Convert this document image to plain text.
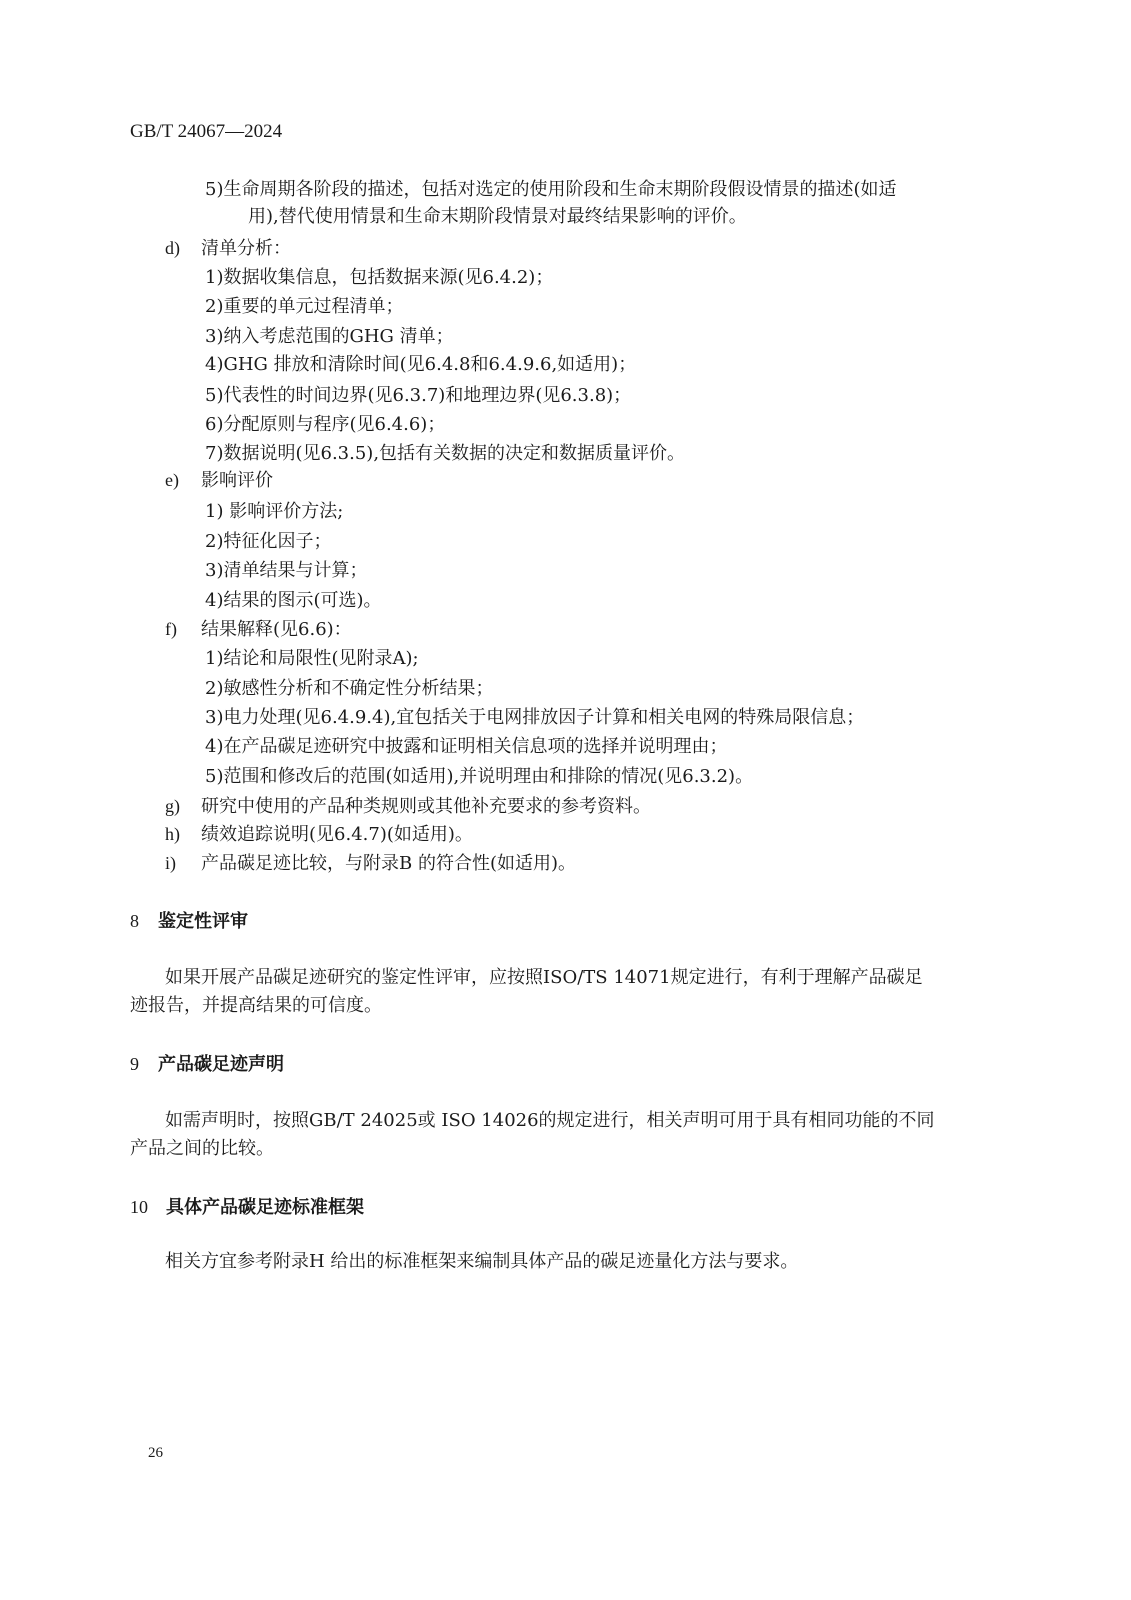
GB/T 24067—2024
5)生命周期各阶段的描述，包括对选定的使用阶段和生命末期阶段假设情景的描述(如适
用),替代使用情景和生命末期阶段情景对最终结果影响的评价。
d) 清单分析：
1)数据收集信息，包括数据来源(见6.4.2)；
2)重要的单元过程清单；
3)纳入考虑范围的GHG 清单；
4)GHG 排放和清除时间(见6.4.8和6.4.9.6,如适用)；
5)代表性的时间边界(见6.3.7)和地理边界(见6.3.8)；
6)分配原则与程序(见6.4.6)；
7)数据说明(见6.3.5),包括有关数据的决定和数据质量评价。
e) 影响评价
1) 影响评价方法;
2)特征化因子；
3)清单结果与计算；
4)结果的图示(可选)。
f) 结果解释(见6.6)：
1)结论和局限性(见附录A);
2)敏感性分析和不确定性分析结果；
3)电力处理(见6.4.9.4),宜包括关于电网排放因子计算和相关电网的特殊局限信息；
4)在产品碳足迹研究中披露和证明相关信息项的选择并说明理由；
5)范围和修改后的范围(如适用),并说明理由和排除的情况(见6.3.2)。
g) 研究中使用的产品种类规则或其他补充要求的参考资料。
h) 绩效追踪说明(见6.4.7)(如适用)。
i) 产品碳足迹比较，与附录B 的符合性(如适用)。
8 鉴定性评审
如果开展产品碳足迹研究的鉴定性评审，应按照ISO/TS 14071规定进行，有利于理解产品碳足
迹报告，并提高结果的可信度。
9 产品碳足迹声明
如需声明时，按照GB/T 24025或 ISO 14026的规定进行，相关声明可用于具有相同功能的不同
产品之间的比较。
10 具体产品碳足迹标准框架
相关方宜参考附录H 给出的标准框架来编制具体产品的碳足迹量化方法与要求。
26
